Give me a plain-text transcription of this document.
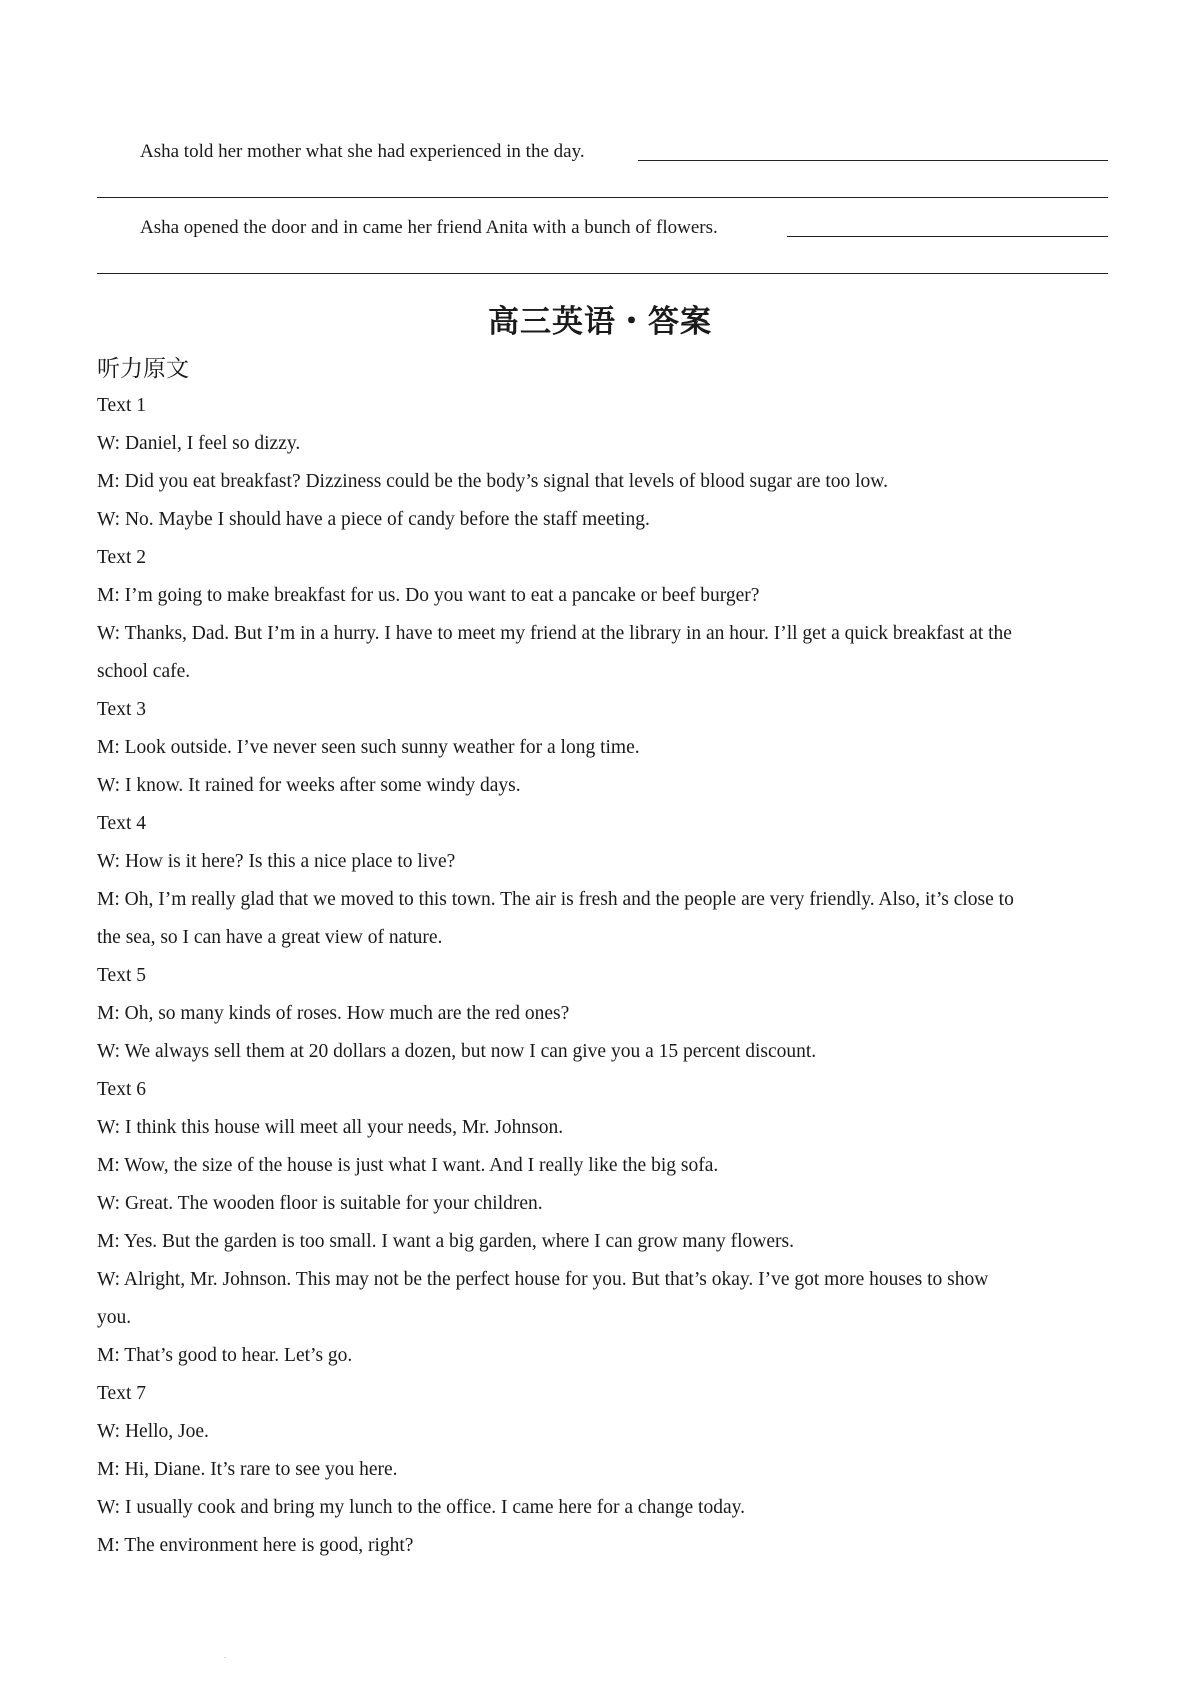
Asha told her mother what she had experienced in the day.
Asha opened the door and in came her friend Anita with a bunch of flowers.
高三英语・答案
听力原文

Text 1

W: Daniel, I feel so dizzy.

M: Did you eat breakfast? Dizziness could be the body’s signal that levels of blood sugar are too low.

W: No. Maybe I should have a piece of candy before the staff meeting.

Text 2

M: I’m going to make breakfast for us. Do you want to eat a pancake or beef burger?

W: Thanks, Dad. But I’m in a hurry. I have to meet my friend at the library in an hour. I’ll get a quick breakfast at the

school cafe.

Text 3

M: Look outside. I’ve never seen such sunny weather for a long time.

W: I know. It rained for weeks after some windy days.

Text 4

W: How is it here? Is this a nice place to live?

M: Oh, I’m really glad that we moved to this town. The air is fresh and the people are very friendly. Also, it’s close to

the sea, so I can have a great view of nature.

Text 5

M: Oh, so many kinds of roses. How much are the red ones?

W: We always sell them at 20 dollars a dozen, but now I can give you a 15 percent discount.

Text 6

W: I think this house will meet all your needs, Mr. Johnson.

M: Wow, the size of the house is just what I want. And I really like the big sofa.

W: Great. The wooden floor is suitable for your children.

M: Yes. But the garden is too small. I want a big garden, where I can grow many flowers.

W: Alright, Mr. Johnson. This may not be the perfect house for you. But that’s okay. I’ve got more houses to show

you.

M: That’s good to hear. Let’s go.

Text 7

W: Hello, Joe.

M: Hi, Diane. It’s rare to see you here.

W: I usually cook and bring my lunch to the office. I came here for a change today.

M: The environment here is good, right?

.
